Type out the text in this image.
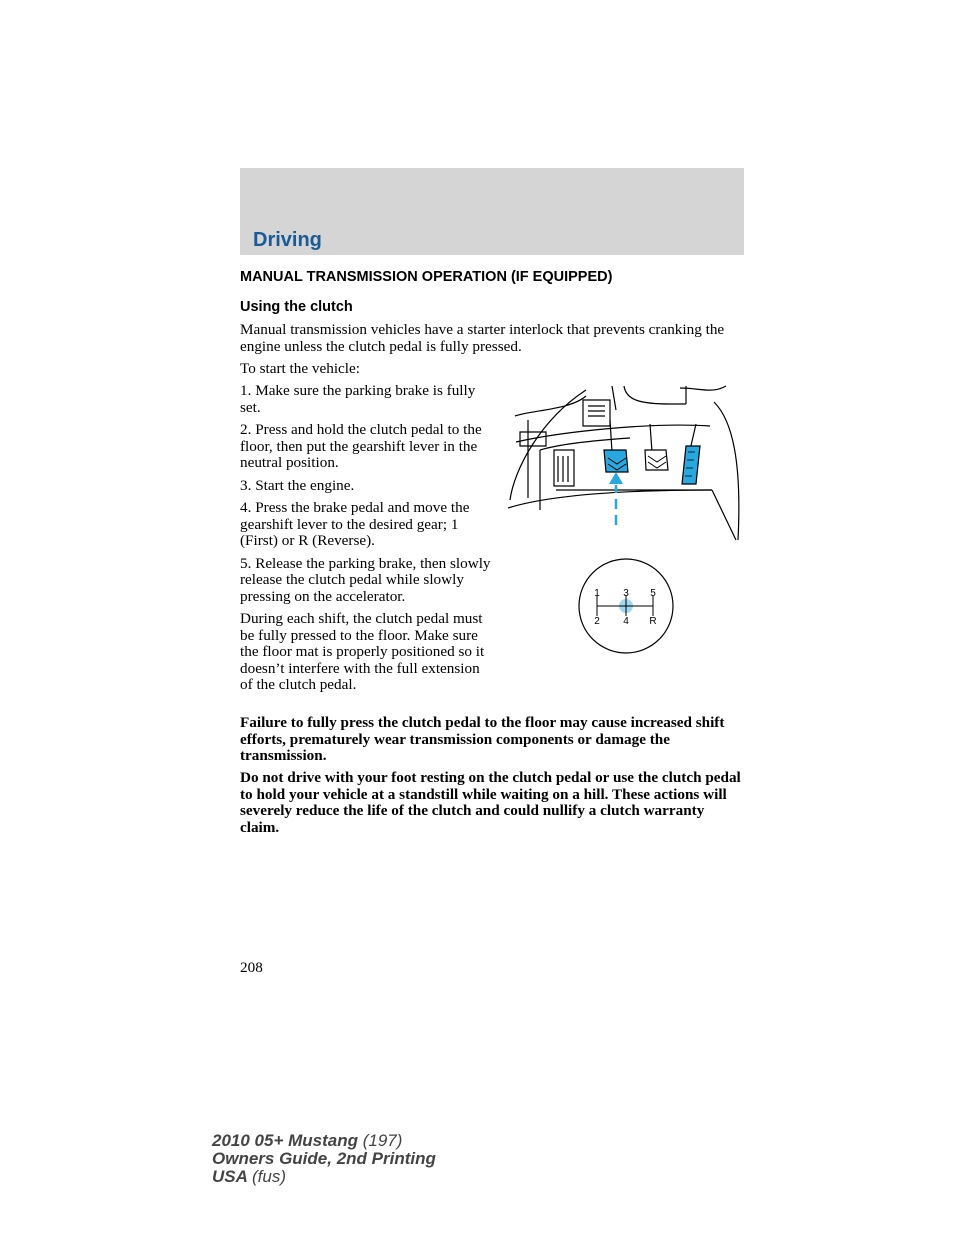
Driving
MANUAL TRANSMISSION OPERATION (IF EQUIPPED)
Using the clutch

Manual transmission vehicles have a starter interlock that prevents cranking the engine unless the clutch pedal is fully pressed.

To start the vehicle:

1. Make sure the parking brake is fully set.

2. Press and hold the clutch pedal to the floor, then put the gearshift lever in the neutral position.

3. Start the engine.

4. Press the brake pedal and move the gearshift lever to the desired gear; 1 (First) or R (Reverse).

5. Release the parking brake, then slowly release the clutch pedal while slowly pressing on the accelerator.

During each shift, the clutch pedal must be fully pressed to the floor. Make sure the floor mat is properly positioned so it doesn’t interfere with the full extension of the clutch pedal.

Failure to fully press the clutch pedal to the floor may cause increased shift efforts, prematurely wear transmission components or damage the transmission.

Do not drive with your foot resting on the clutch pedal or use the clutch pedal to hold your vehicle at a standstill while waiting on a hill. These actions will severely reduce the life of the clutch and could nullify a clutch warranty claim.

1 3 5
2 4 R
208
2010 05+ Mustang (197)
Owners Guide, 2nd Printing
USA (fus)
